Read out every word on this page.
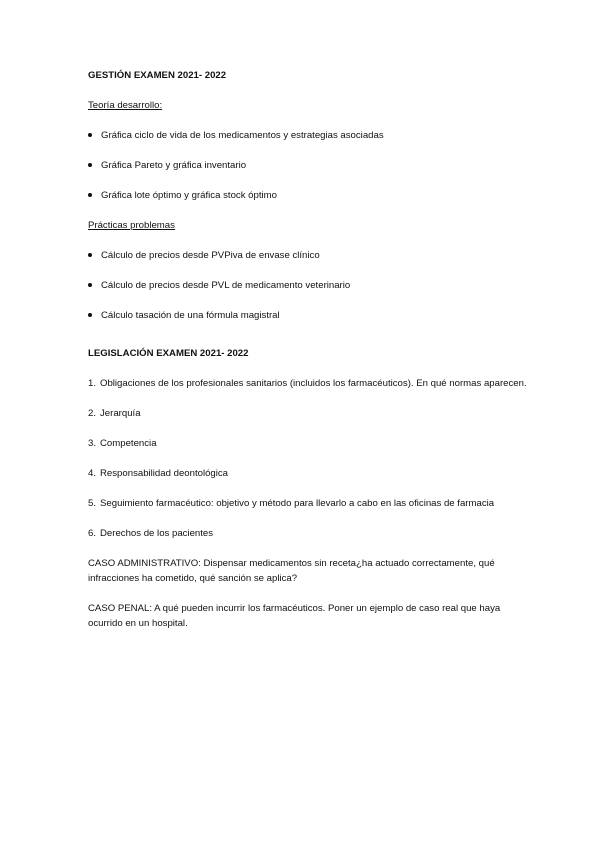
GESTIÓN EXAMEN 2021- 2022

Teoría desarrollo:

Gráfica ciclo de vida de los medicamentos y estrategias asociadas
Gráfica Pareto y gráfica inventario
Gráfica lote óptimo y gráfica stock óptimo

Prácticas problemas

Cálculo de precios desde PVPiva de envase clínico
Cálculo de precios desde PVL de medicamento veterinario
Cálculo tasación de una fórmula magistral

LEGISLACIÓN EXAMEN 2021- 2022

1. Obligaciones de los profesionales sanitarios (incluidos los farmacéuticos). En qué normas aparecen.
2. Jerarquía
3. Competencia
4. Responsabilidad deontológica
5. Seguimiento farmacéutico: objetivo y método para llevarlo a cabo en las oficinas de farmacia
6. Derechos de los pacientes

CASO ADMINISTRATIVO: Dispensar medicamentos sin receta¿ha actuado correctamente, qué infracciones ha cometido, qué sanción se aplica?

CASO PENAL: A qué pueden incurrir los farmacéuticos. Poner un ejemplo de caso real que haya ocurrido en un hospital.
